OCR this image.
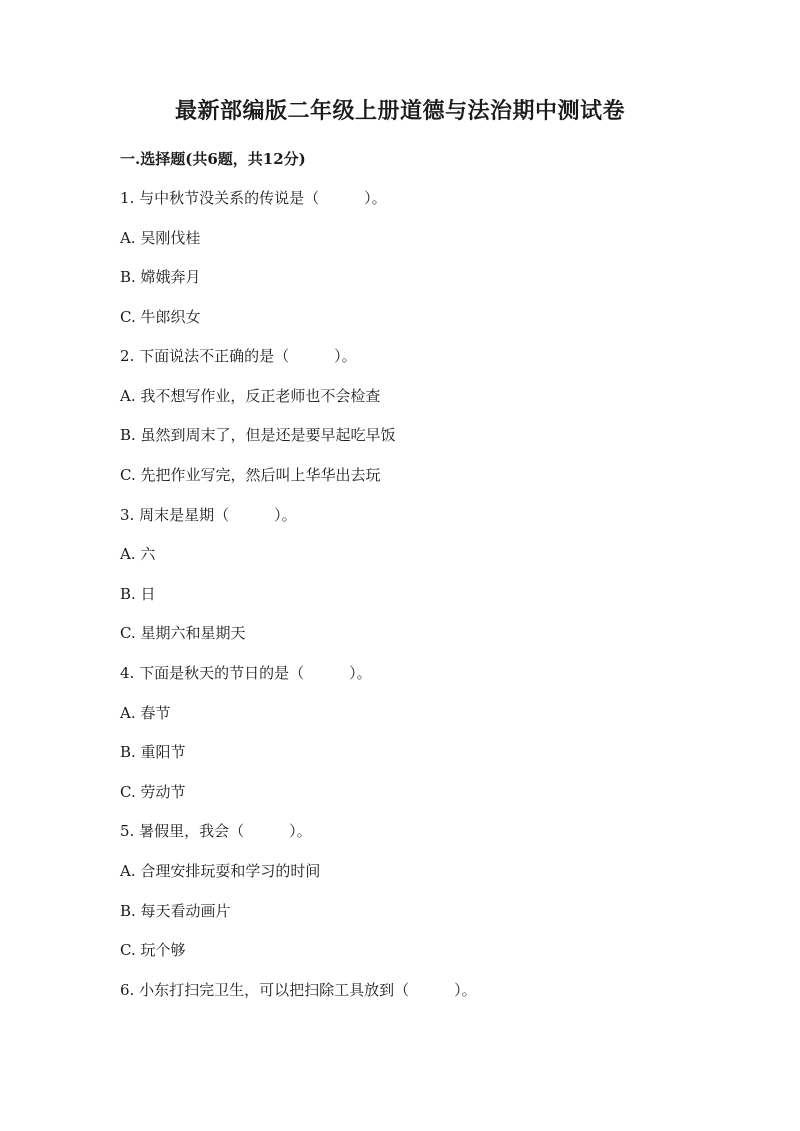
最新部编版二年级上册道德与法治期中测试卷
一.选择题(共6题，共12分)
1. 与中秋节没关系的传说是（　　　）。
A. 吴刚伐桂
B. 嫦娥奔月
C. 牛郎织女
2. 下面说法不正确的是（　　　）。
A. 我不想写作业，反正老师也不会检查
B. 虽然到周末了，但是还是要早起吃早饭
C. 先把作业写完，然后叫上华华出去玩
3. 周末是星期（　　　）。
A. 六
B. 日
C. 星期六和星期天
4. 下面是秋天的节日的是（　　　）。
A. 春节
B. 重阳节
C. 劳动节
5. 暑假里，我会（　　　）。
A. 合理安排玩耍和学习的时间
B. 每天看动画片
C. 玩个够
6. 小东打扫完卫生，可以把扫除工具放到（　　　）。
